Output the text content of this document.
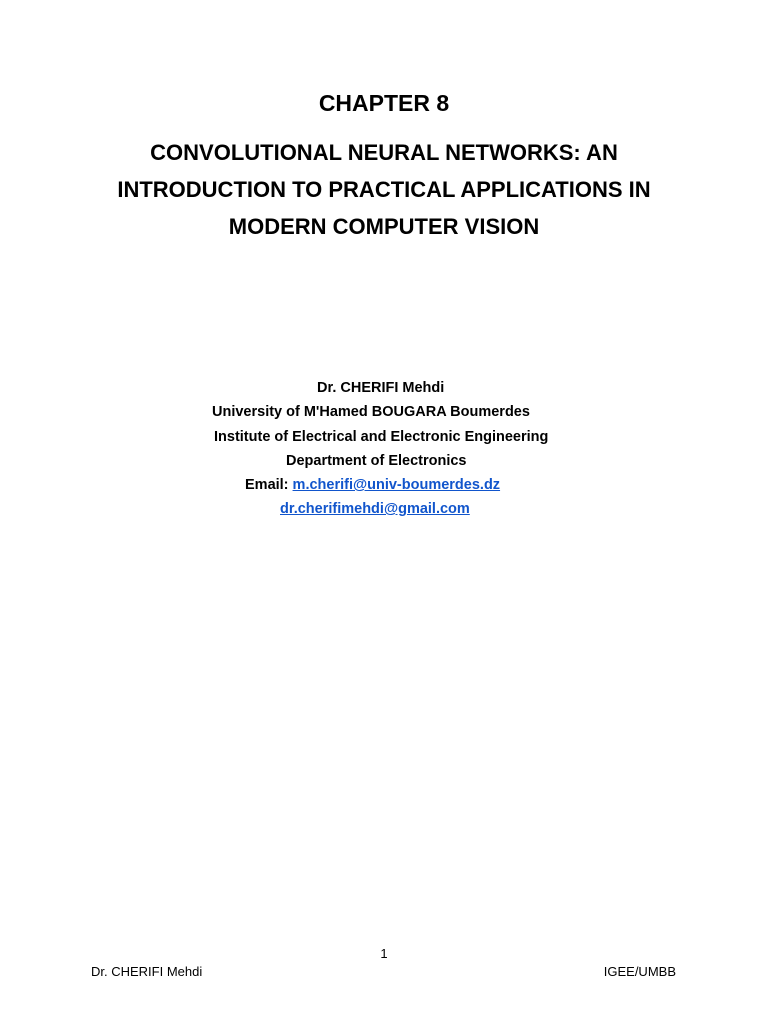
CHAPTER 8
CONVOLUTIONAL NEURAL NETWORKS: AN
INTRODUCTION TO PRACTICAL APPLICATIONS IN
MODERN COMPUTER VISION
Dr. CHERIFI Mehdi
University of M'Hamed BOUGARA Boumerdes
Institute of Electrical and Electronic Engineering
Department of Electronics
Email: m.cherifi@univ-boumerdes.dz
dr.cherifimehdi@gmail.com
1
Dr. CHERIFI Mehdi	IGEE/UMBB
